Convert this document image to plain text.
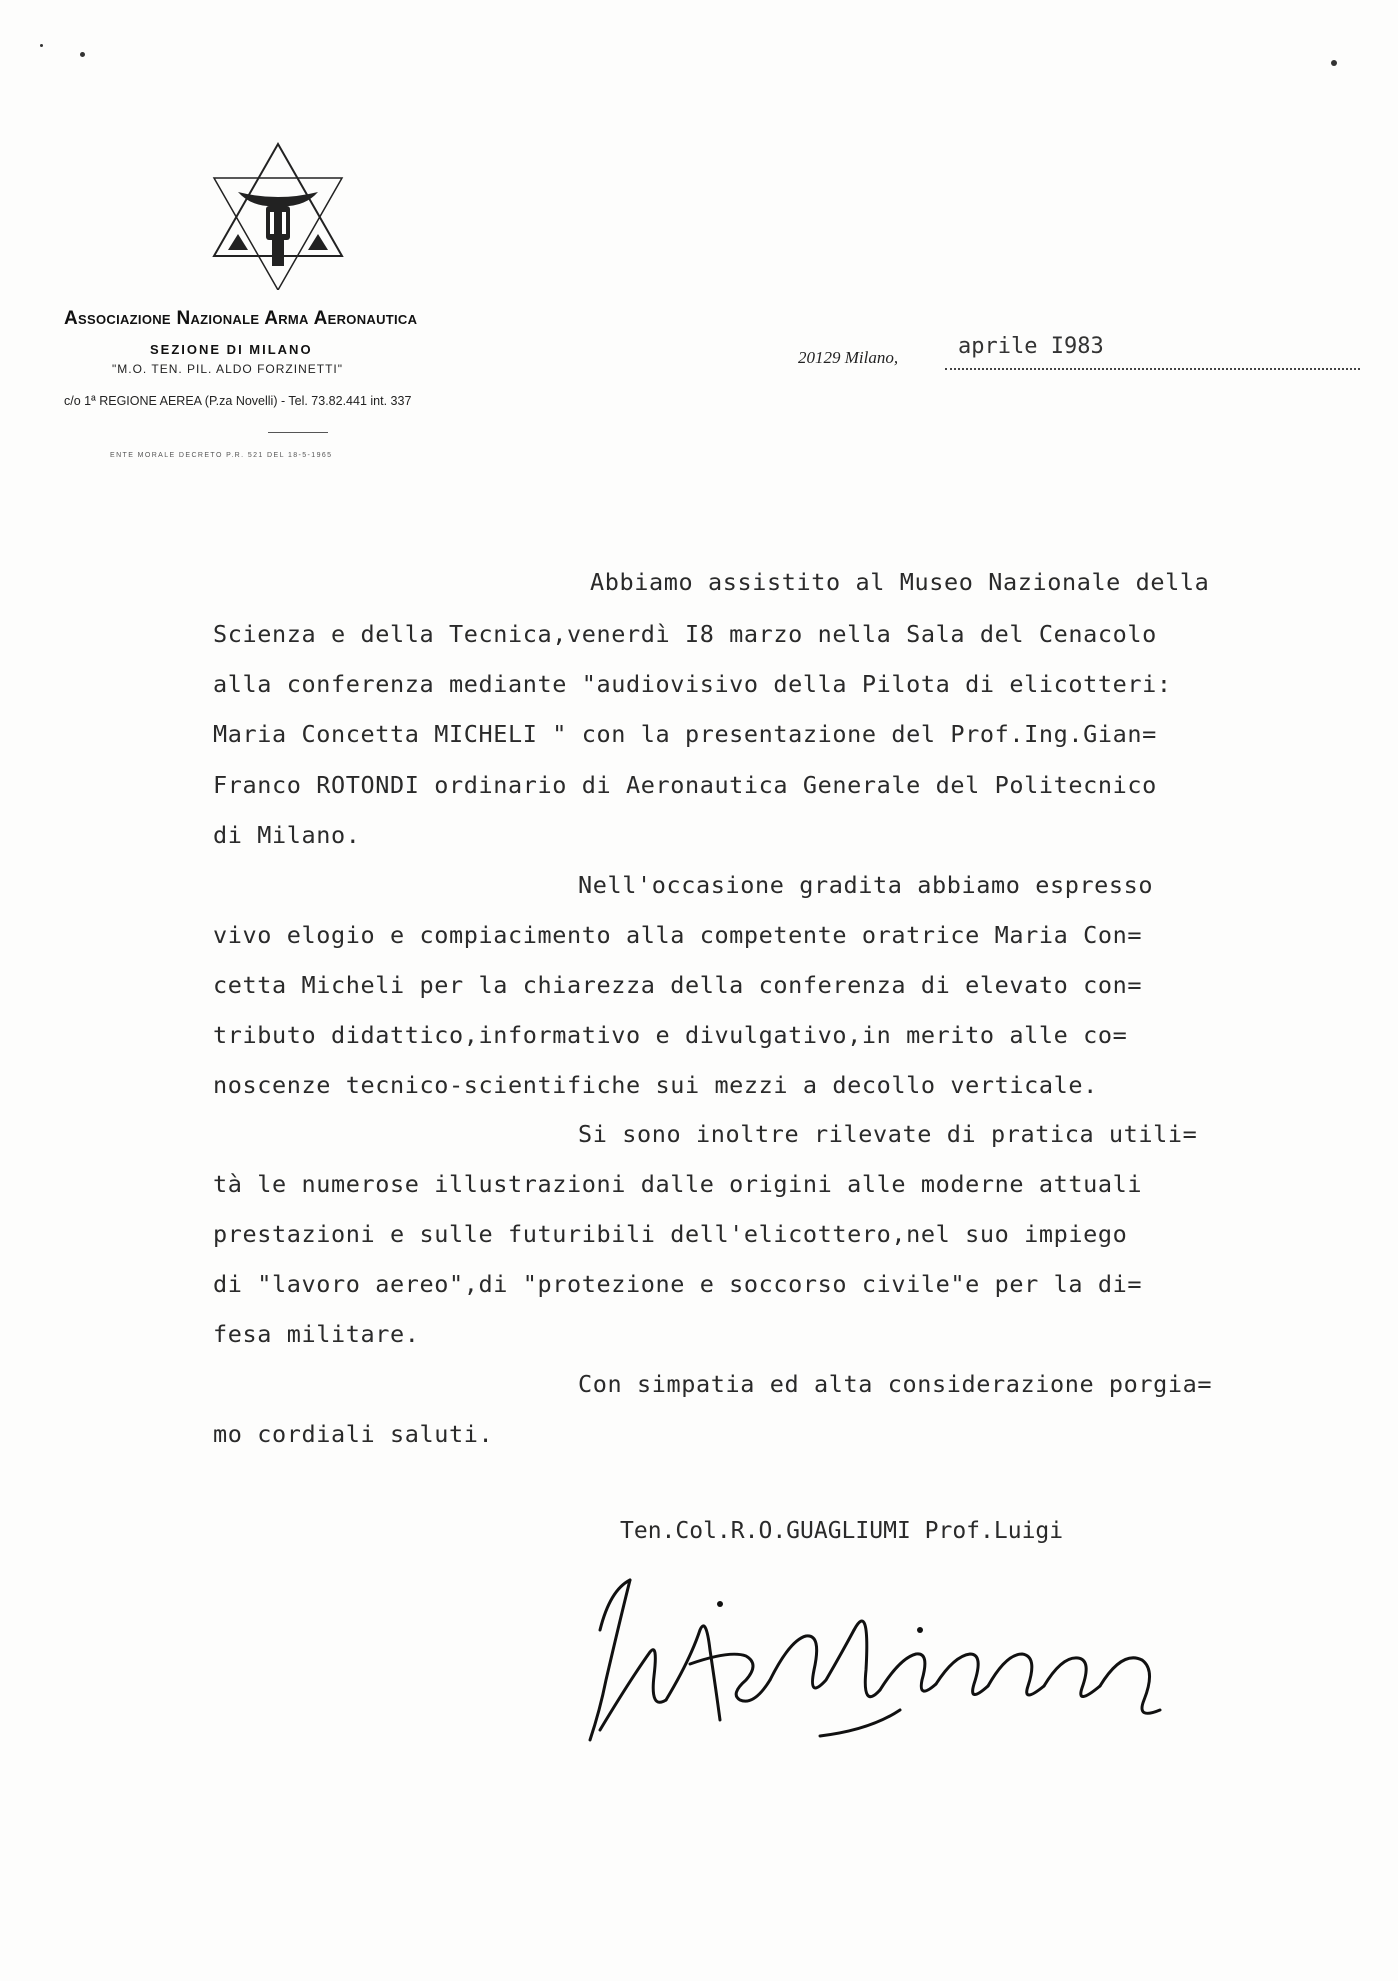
Associazione Nazionale Arma Aeronautica
SEZIONE DI MILANO
"M.O. TEN. PIL. ALDO FORZINETTI"
c/o 1ª REGIONE AEREA (P.za Novelli) - Tel. 73.82.441 int. 337
ENTE MORALE DECRETO P.R. 521 DEL 18-5-1965
20129 Milano,	aprile I983
Abbiamo assistito al Museo Nazionale della
Scienza e della Tecnica,venerdì I8 marzo nella Sala del Cenacolo
alla conferenza mediante "audiovisivo della Pilota di elicotteri:
Maria Concetta MICHELI " con la presentazione del Prof.Ing.Gian=
Franco ROTONDI ordinario di Aeronautica Generale del Politecnico
di Milano.
Nell'occasione gradita abbiamo espresso
vivo elogio e compiacimento alla competente oratrice Maria Con=
cetta Micheli per la chiarezza della conferenza di elevato con=
tributo didattico,informativo e divulgativo,in merito alle co=
noscenze tecnico-scientifiche sui mezzi a decollo verticale.
Si sono inoltre rilevate di pratica utili=
tà le numerose illustrazioni dalle origini alle moderne attuali
prestazioni e sulle futuribili dell'elicottero,nel suo impiego
di "lavoro aereo",di "protezione e soccorso civile"e per la di=
fesa militare.
Con simpatia ed alta considerazione porgia=
mo cordiali saluti.
Ten.Col.R.O.GUAGLIUMI Prof.Luigi
